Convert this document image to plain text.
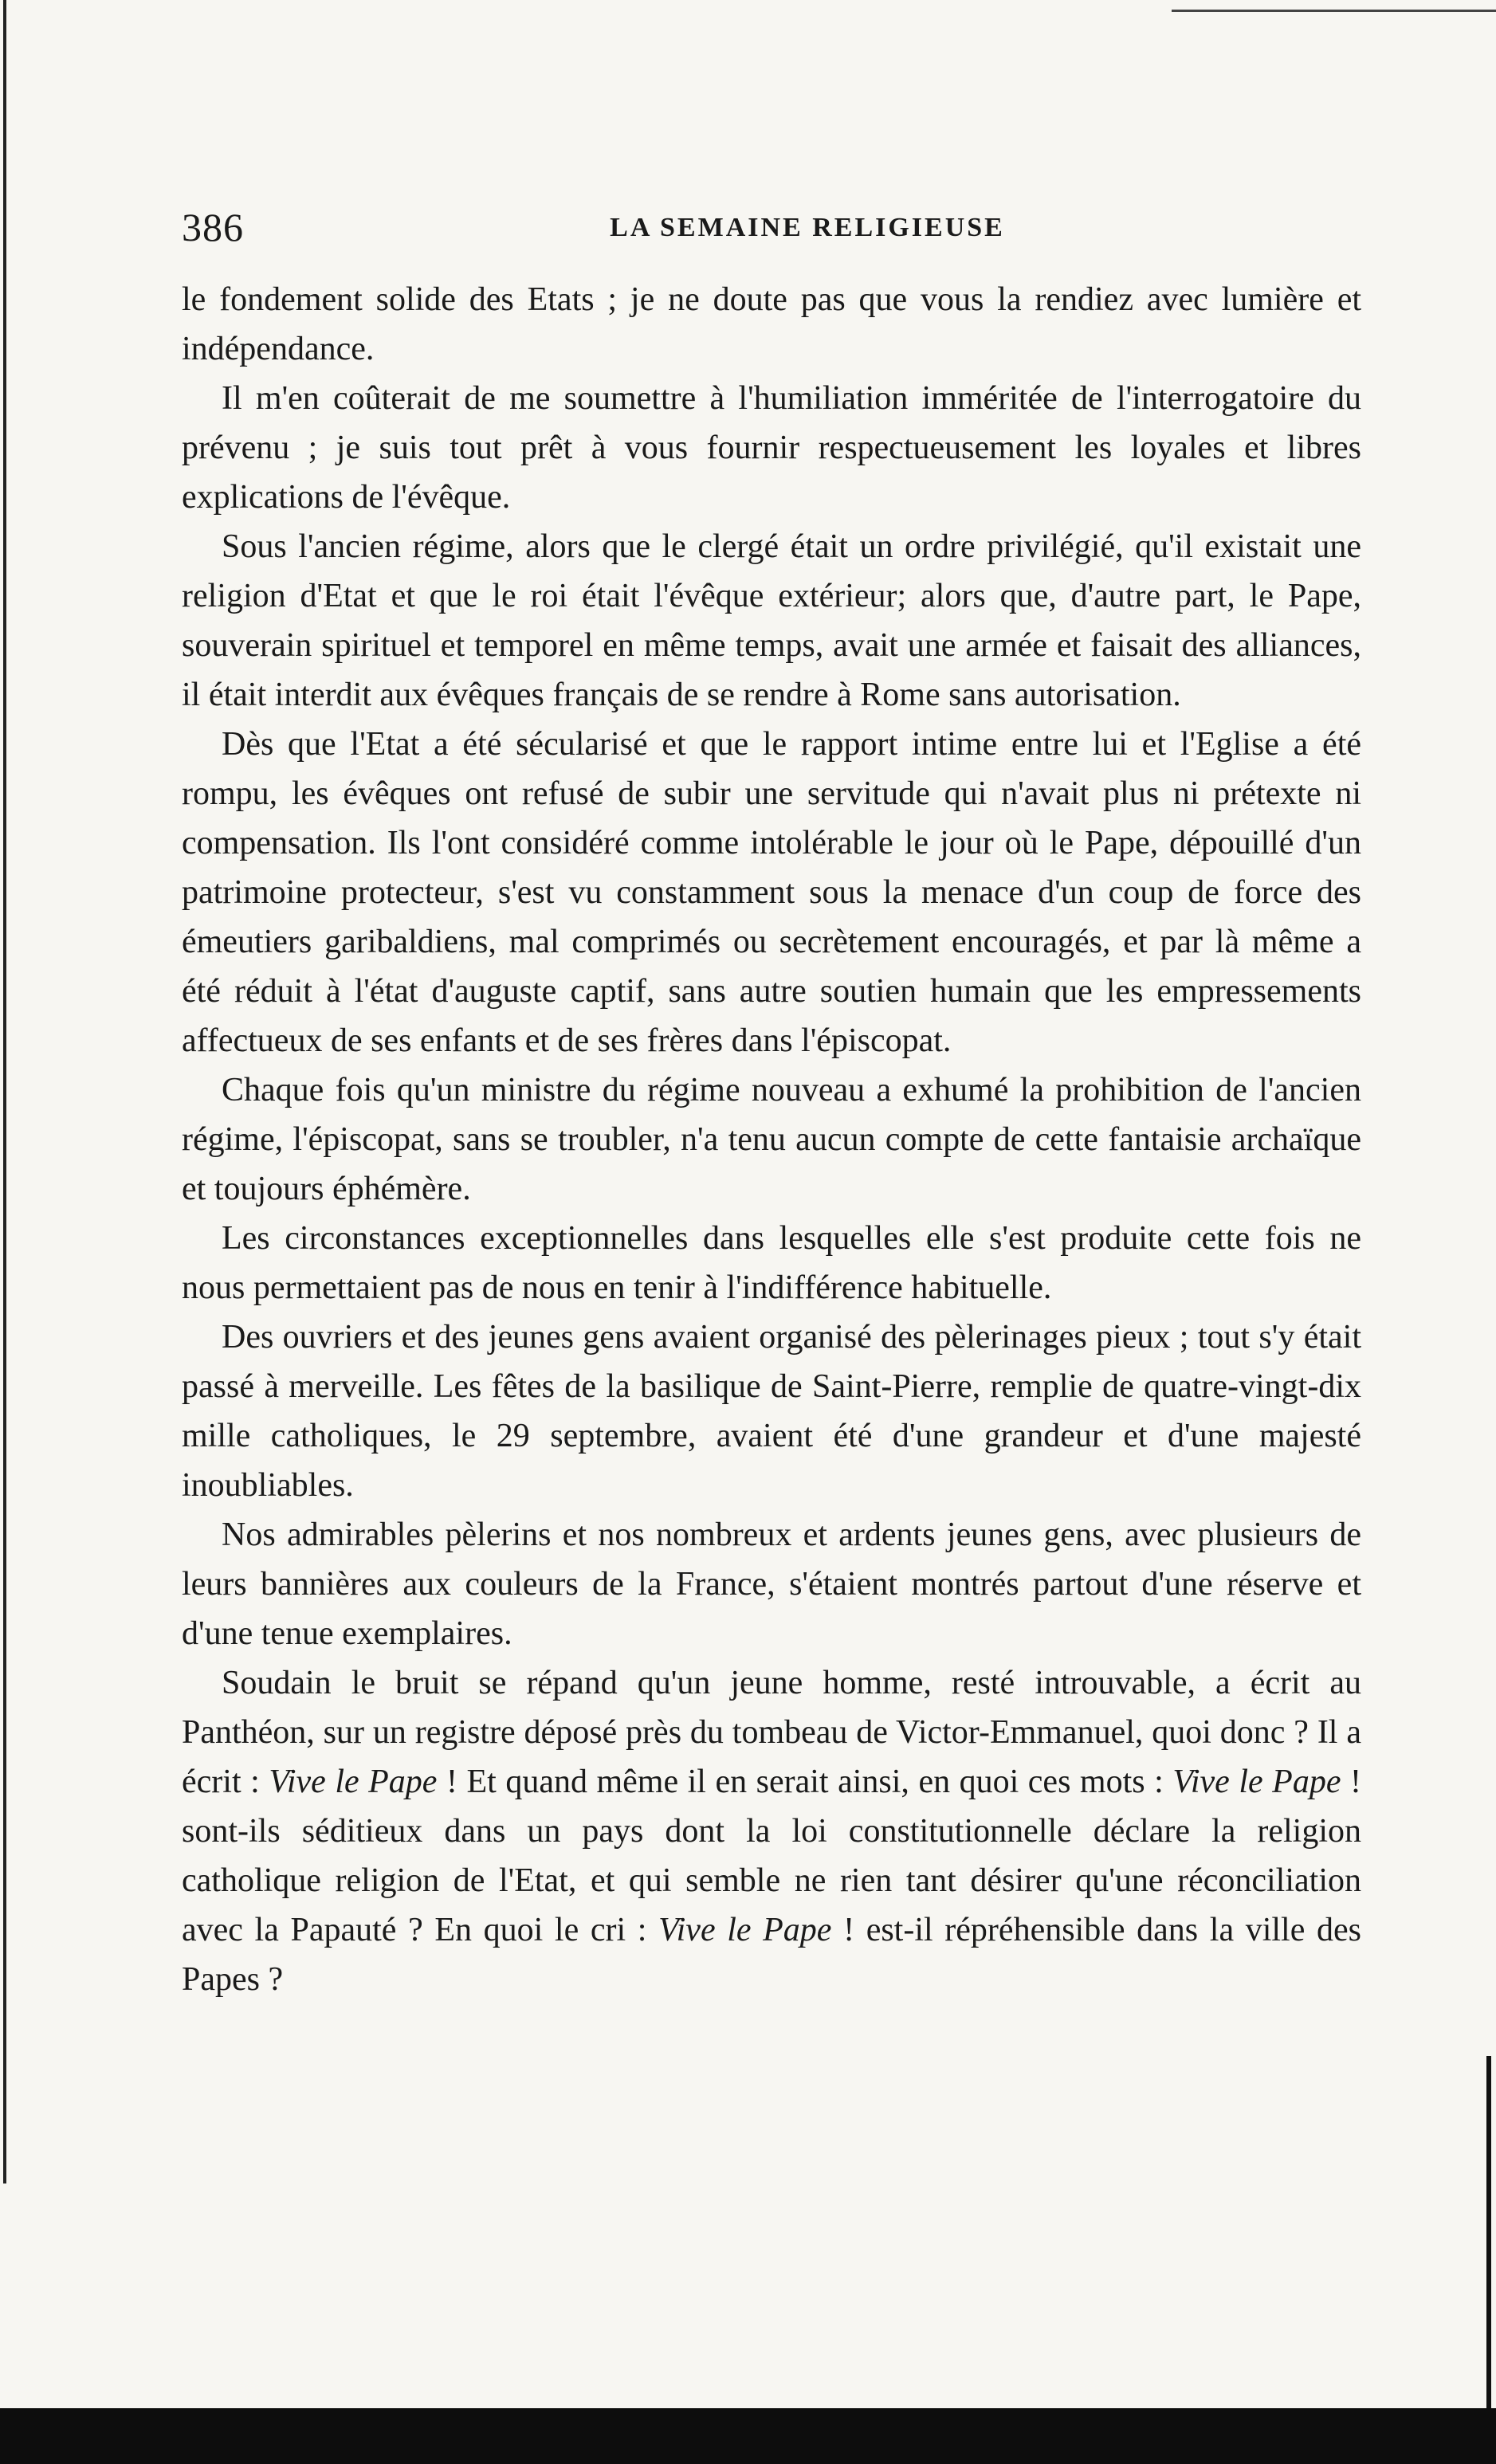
386	LA SEMAINE RELIGIEUSE

le fondement solide des Etats ; je ne doute pas que vous la rendiez avec lumière et indépendance.

Il m'en coûterait de me soumettre à l'humiliation imméritée de l'interrogatoire du prévenu ; je suis tout prêt à vous fournir respectueusement les loyales et libres explications de l'évêque.

Sous l'ancien régime, alors que le clergé était un ordre privilégié, qu'il existait une religion d'Etat et que le roi était l'évêque extérieur; alors que, d'autre part, le Pape, souverain spirituel et temporel en même temps, avait une armée et faisait des alliances, il était interdit aux évêques français de se rendre à Rome sans autorisation.

Dès que l'Etat a été sécularisé et que le rapport intime entre lui et l'Eglise a été rompu, les évêques ont refusé de subir une servitude qui n'avait plus ni prétexte ni compensation. Ils l'ont considéré comme intolérable le jour où le Pape, dépouillé d'un patrimoine protecteur, s'est vu constamment sous la menace d'un coup de force des émeutiers garibaldiens, mal comprimés ou secrètement encouragés, et par là même a été réduit à l'état d'auguste captif, sans autre soutien humain que les empressements affectueux de ses enfants et de ses frères dans l'épiscopat.

Chaque fois qu'un ministre du régime nouveau a exhumé la prohibition de l'ancien régime, l'épiscopat, sans se troubler, n'a tenu aucun compte de cette fantaisie archaïque et toujours éphémère.

Les circonstances exceptionnelles dans lesquelles elle s'est produite cette fois ne nous permettaient pas de nous en tenir à l'indifférence habituelle.

Des ouvriers et des jeunes gens avaient organisé des pèlerinages pieux ; tout s'y était passé à merveille. Les fêtes de la basilique de Saint-Pierre, remplie de quatre-vingt-dix mille catholiques, le 29 septembre, avaient été d'une grandeur et d'une majesté inoubliables.

Nos admirables pèlerins et nos nombreux et ardents jeunes gens, avec plusieurs de leurs bannières aux couleurs de la France, s'étaient montrés partout d'une réserve et d'une tenue exemplaires.

Soudain le bruit se répand qu'un jeune homme, resté introuvable, a écrit au Panthéon, sur un registre déposé près du tombeau de Victor-Emmanuel, quoi donc ? Il a écrit : Vive le Pape ! Et quand même il en serait ainsi, en quoi ces mots : Vive le Pape ! sont-ils séditieux dans un pays dont la loi constitutionnelle déclare la religion catholique religion de l'Etat, et qui semble ne rien tant désirer qu'une réconciliation avec la Papauté ? En quoi le cri : Vive le Pape ! est-il répréhensible dans la ville des Papes ?
